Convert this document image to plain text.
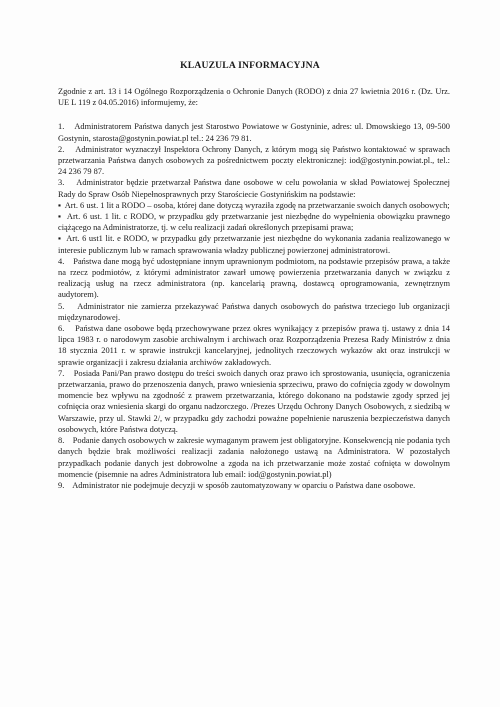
KLAUZULA INFORMACYJNA

Zgodnie z art. 13 i 14 Ogólnego Rozporządzenia o Ochronie Danych (RODO) z dnia 27 kwietnia 2016 r. (Dz. Urz. UE L 119 z 04.05.2016) informujemy, że:

1.    Administratorem Państwa danych jest Starostwo Powiatowe w Gostyninie, adres: ul. Dmowskiego 13, 09-500 Gostynin, starosta@gostynin.powiat.pl tel.: 24 236 79 81.

2.    Administrator wyznaczył Inspektora Ochrony Danych, z którym mogą się Państwo kontaktować w sprawach przetwarzania Państwa danych osobowych za pośrednictwem poczty elektronicznej: iod@gostynin.powiat.pl., tel.: 24 236 79 87.

3.    Administrator będzie przetwarzał Państwa dane osobowe w celu powołania w skład Powiatowej Społecznej Rady do Spraw Osób Niepełnosprawnych przy Starościecie Gostynińskim na podstawie:

▪  Art. 6 ust. 1 lit a RODO – osoba, której dane dotyczą wyraziła zgodę na przetwarzanie swoich danych osobowych;

▪  Art. 6 ust. 1 lit. c RODO, w przypadku gdy przetwarzanie jest niezbędne do wypełnienia obowiązku prawnego ciążącego na Administratorze, tj. w celu realizacji zadań określonych przepisami prawa;

▪  Art. 6 ust1 lit. e RODO, w przypadku gdy przetwarzanie jest niezbędne do wykonania zadania realizowanego w interesie publicznym lub w ramach sprawowania władzy publicznej powierzonej administratorowi.

4.    Państwa dane mogą być udostępniane innym uprawnionym podmiotom, na podstawie przepisów prawa, a także na rzecz podmiotów, z którymi administrator zawarł umowę powierzenia przetwarzania danych w związku z realizacją usług na rzecz administratora (np. kancelarią prawną, dostawcą oprogramowania, zewnętrznym audytorem).

5.    Administrator nie zamierza przekazywać Państwa danych osobowych do państwa trzeciego lub organizacji międzynarodowej.

6.    Państwa dane osobowe będą przechowywane przez okres wynikający z przepisów prawa tj. ustawy z dnia 14 lipca 1983 r. o narodowym zasobie archiwalnym i archiwach oraz Rozporządzenia Prezesa Rady Ministrów z dnia 18 stycznia 2011 r. w sprawie instrukcji kancelaryjnej, jednolitych rzeczowych wykazów akt oraz instrukcji w sprawie organizacji i zakresu działania archiwów zakładowych.

7.    Posiada Pani/Pan prawo dostępu do treści swoich danych oraz prawo ich sprostowania, usunięcia, ograniczenia przetwarzania, prawo do przenoszenia danych, prawo wniesienia sprzeciwu, prawo do cofnięcia zgody w dowolnym momencie bez wpływu na zgodność z prawem przetwarzania, którego dokonano na podstawie zgody sprzed jej cofnięcia oraz wniesienia skargi do organu nadzorczego. /Prezes Urzędu Ochrony Danych Osobowych, z siedzibą w Warszawie, przy ul. Stawki 2/, w przypadku gdy zachodzi poważne popełnienie naruszenia bezpieczeństwa danych osobowych, które Państwa dotyczą.

8.    Podanie danych osobowych w zakresie wymaganym prawem jest obligatoryjne. Konsekwencją nie podania tych danych będzie brak możliwości realizacji zadania nałożonego ustawą na Administratora. W pozostałych przypadkach podanie danych jest dobrowolne a zgoda na ich przetwarzanie może zostać cofnięta w dowolnym momencie (pisemnie na adres Administratora lub email: iod@gostynin.powiat.pl)

9.    Administrator nie podejmuje decyzji w sposób zautomatyzowany w oparciu o Państwa dane osobowe.
